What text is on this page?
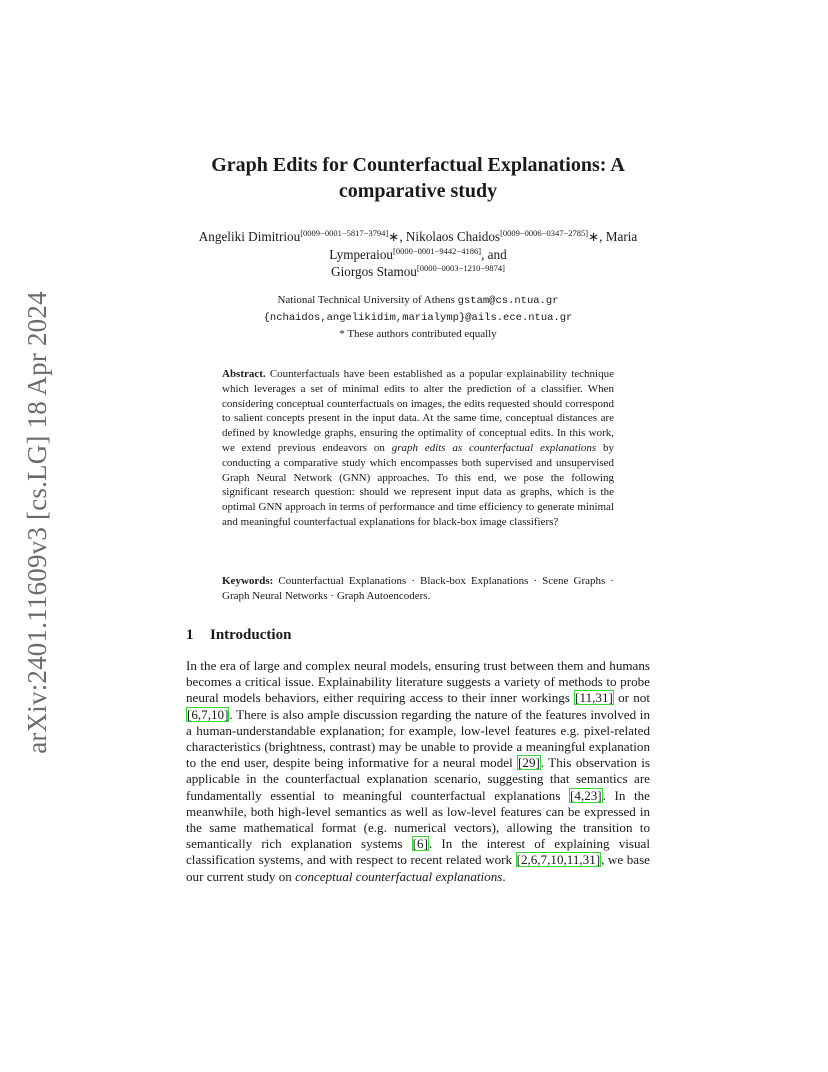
arXiv:2401.11609v3 [cs.LG] 18 Apr 2024
Graph Edits for Counterfactual Explanations: A comparative study
Angeliki Dimitriou[0009−0001−5817−3794]∗, Nikolaos Chaidos[0009−0006−0347−2785]∗, Maria Lymperaiou[0000−0001−9442−4186], and
Giorgos Stamou[0000−0003−1210−9874]
National Technical University of Athens gstam@cs.ntua.gr
{nchaidos,angelikidim,marialymp}@ails.ece.ntua.gr
* These authors contributed equally

Abstract. Counterfactuals have been established as a popular explainability technique which leverages a set of minimal edits to alter the prediction of a classifier. When considering conceptual counterfactuals on images, the edits requested should correspond to salient concepts present in the input data. At the same time, conceptual distances are defined by knowledge graphs, ensuring the optimality of conceptual edits. In this work, we extend previous endeavors on graph edits as counterfactual explanations by conducting a comparative study which encompasses both supervised and unsupervised Graph Neural Network (GNN) approaches. To this end, we pose the following significant research question: should we represent input data as graphs, which is the optimal GNN approach in terms of performance and time efficiency to generate minimal and meaningful counterfactual explanations for black-box image classifiers?

Keywords: Counterfactual Explanations · Black-box Explanations · Scene Graphs · Graph Neural Networks · Graph Autoencoders.

1 Introduction

In the era of large and complex neural models, ensuring trust between them and humans becomes a critical issue. Explainability literature suggests a variety of methods to probe neural models behaviors, either requiring access to their inner workings [11,31] or not [6,7,10]. There is also ample discussion regarding the nature of the features involved in a human-understandable explanation; for example, low-level features e.g. pixel-related characteristics (brightness, contrast) may be unable to provide a meaningful explanation to the end user, despite being informative for a neural model [29]. This observation is applicable in the counterfactual explanation scenario, suggesting that semantics are fundamentally essential to meaningful counterfactual explanations [4,23]. In the meanwhile, both high-level semantics as well as low-level features can be expressed in the same mathematical format (e.g. numerical vectors), allowing the transition to semantically rich explanation systems [6]. In the interest of explaining visual classification systems, and with respect to recent related work [2,6,7,10,11,31], we base our current study on conceptual counterfactual explanations.
